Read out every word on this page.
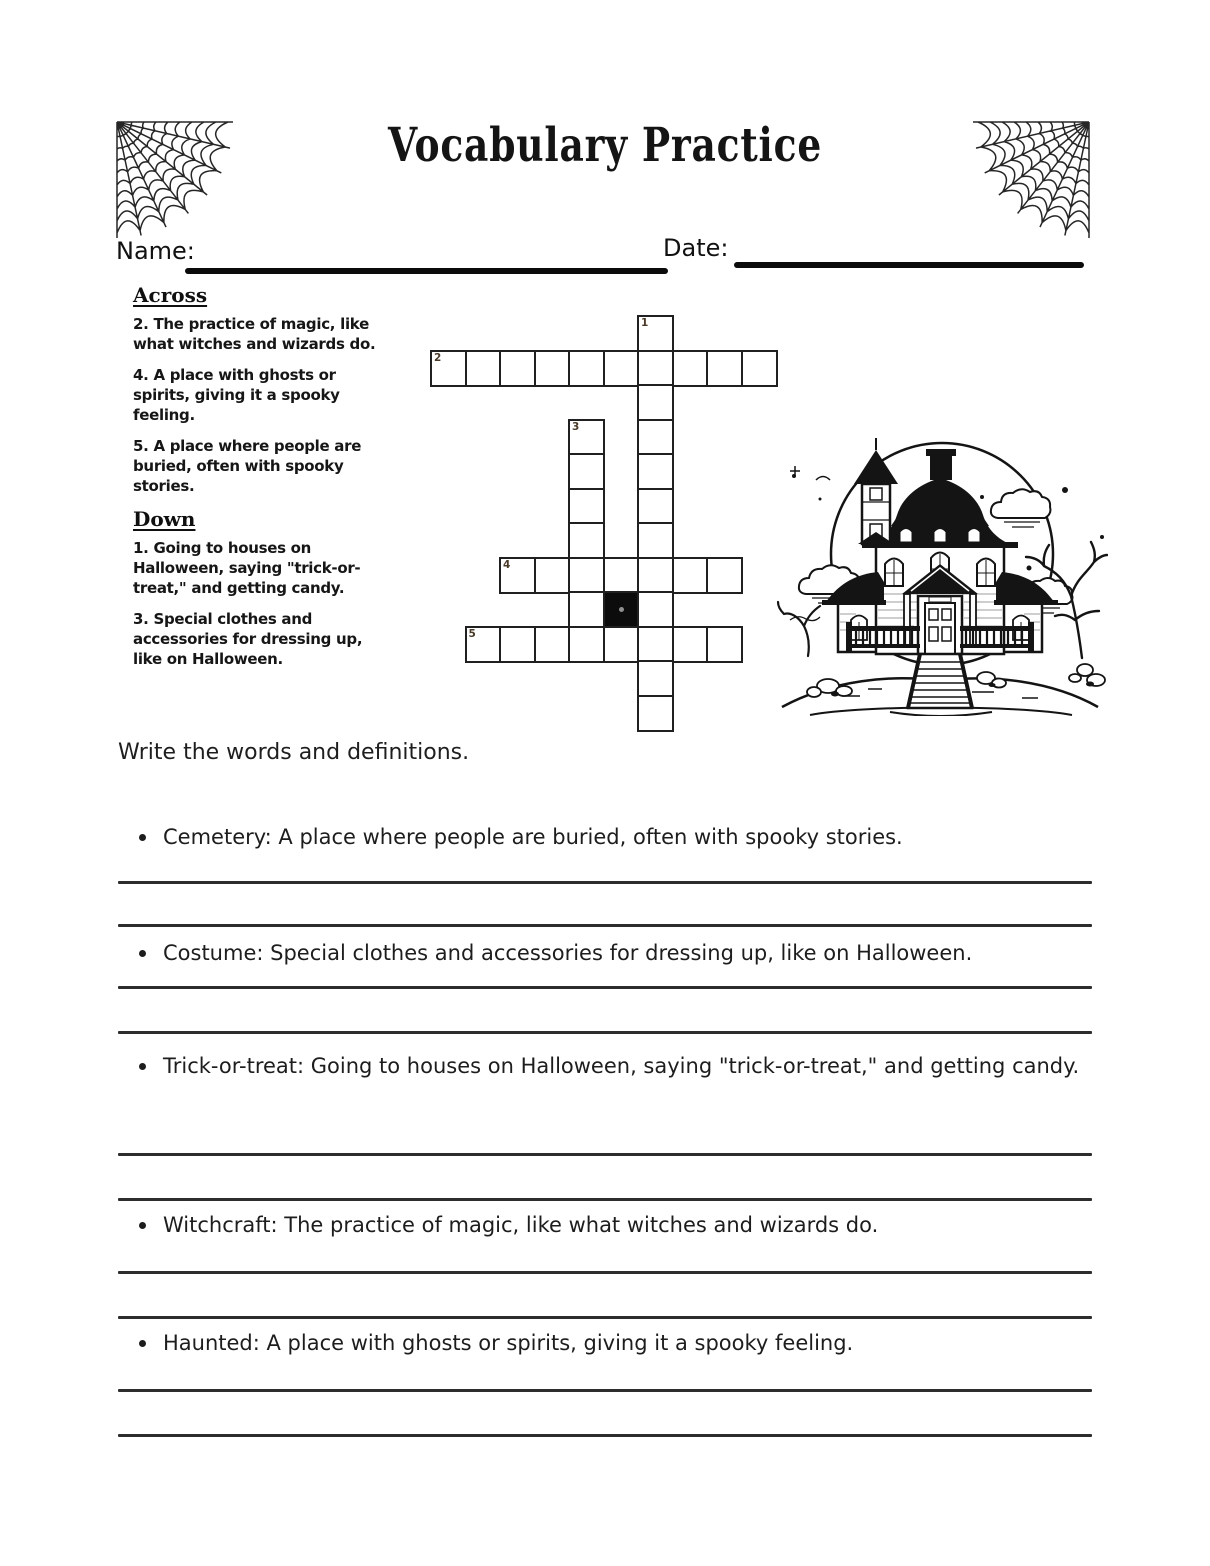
Vocabulary Practice
Name:	Date:
Across
2. The practice of magic, like what witches and wizards do.
4. A place with ghosts or spirits, giving it a spooky feeling.
5. A place where people are buried, often with spooky stories.
Down
1. Going to houses on Halloween, saying "trick-or-treat," and getting candy.
3. Special clothes and accessories for dressing up, like on Halloween.
1
2
3
4
5
Write the words and definitions.
Cemetery: A place where people are buried, often with spooky stories.
Costume: Special clothes and accessories for dressing up, like on Halloween.
Trick-or-treat: Going to houses on Halloween, saying "trick-or-treat," and getting candy.
Witchcraft: The practice of magic, like what witches and wizards do.
Haunted: A place with ghosts or spirits, giving it a spooky feeling.
